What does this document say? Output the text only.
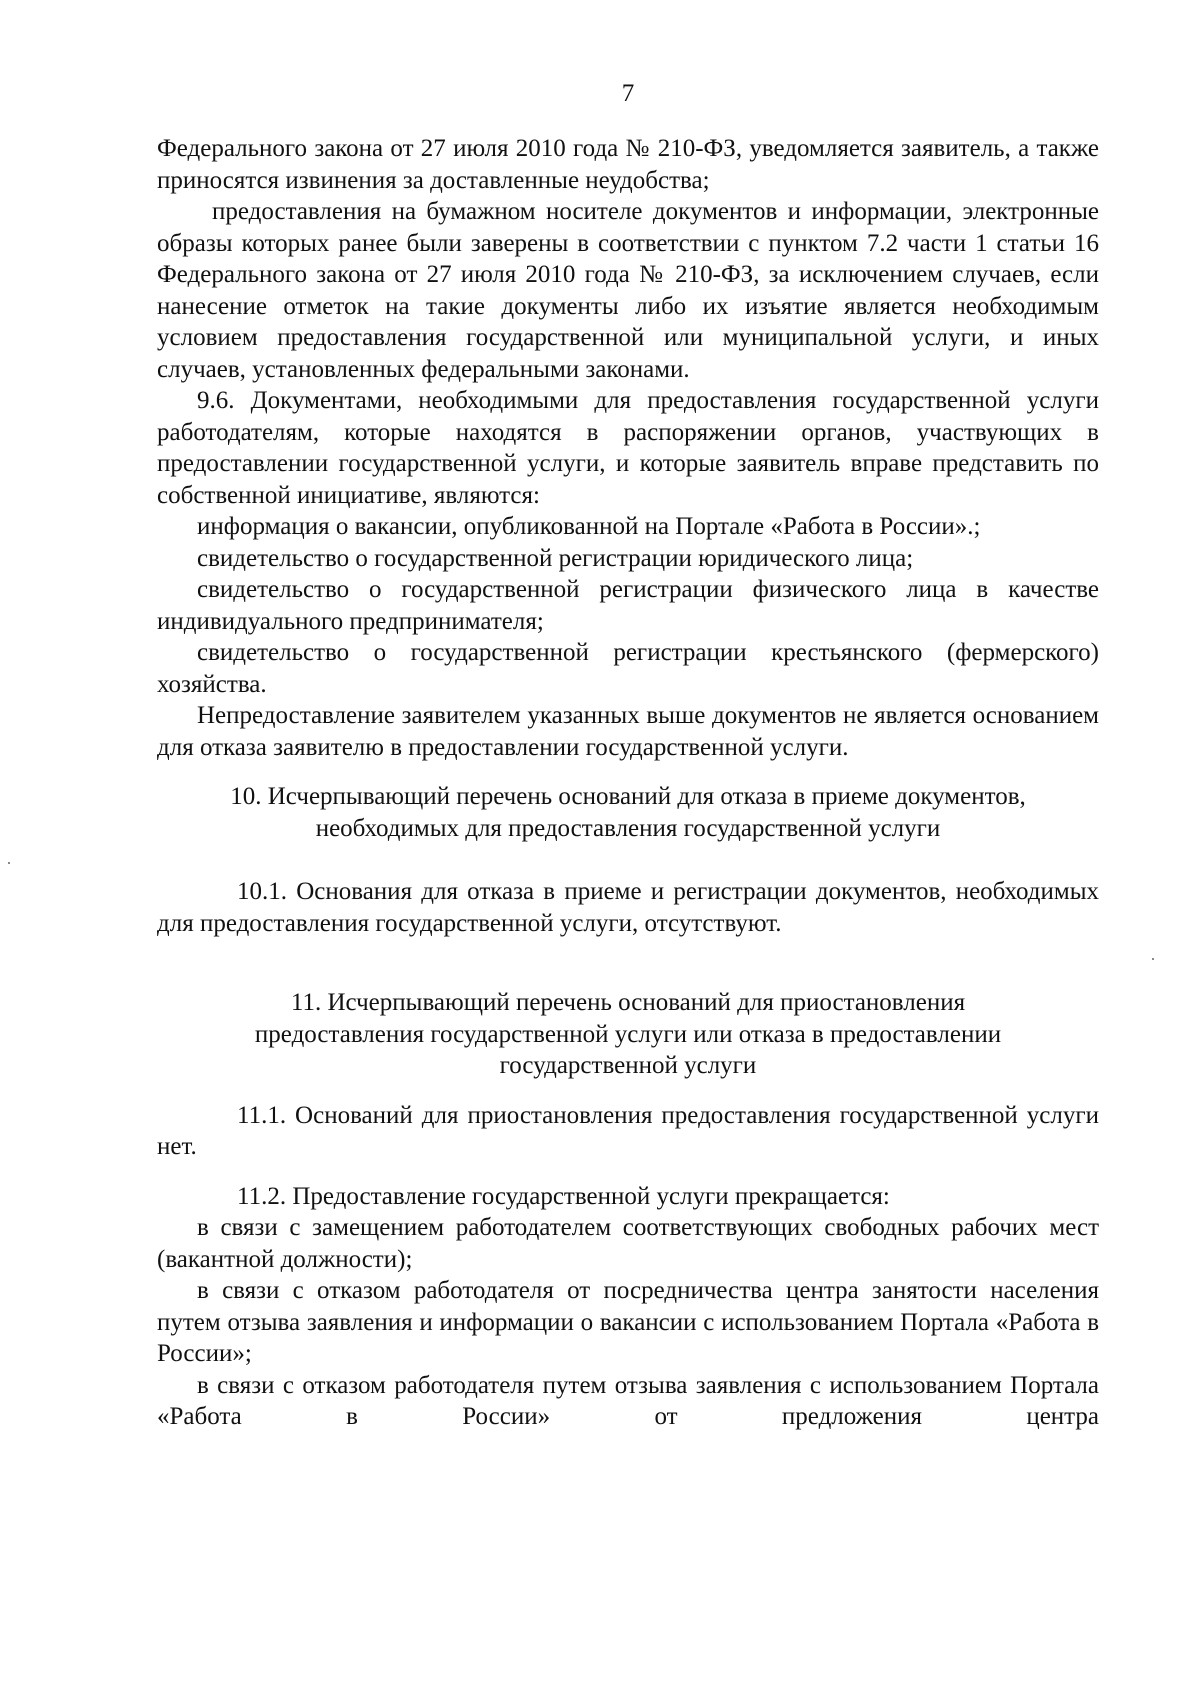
7

Федерального закона от 27 июля 2010 года № 210-ФЗ, уведомляется заявитель, а также приносятся извинения за доставленные неудобства;

предоставления на бумажном носителе документов и информации, электронные образы которых ранее были заверены в соответствии с пунктом 7.2 части 1 статьи 16 Федерального закона от 27 июля 2010 года № 210-ФЗ, за исключением случаев, если нанесение отметок на такие документы либо их изъятие является необходимым условием предоставления государственной или муниципальной услуги, и иных случаев, установленных федеральными законами.

9.6. Документами, необходимыми для предоставления государственной услуги работодателям, которые находятся в распоряжении органов, участвующих в предоставлении государственной услуги, и которые заявитель вправе представить по собственной инициативе, являются:

информация о вакансии, опубликованной на Портале «Работа в России».;

свидетельство о государственной регистрации юридического лица;

свидетельство о государственной регистрации физического лица в качестве индивидуального предпринимателя;

свидетельство о государственной регистрации крестьянского (фермерского) хозяйства.

Непредоставление заявителем указанных выше документов не является основанием для отказа заявителю в предоставлении государственной услуги.

10. Исчерпывающий перечень оснований для отказа в приеме документов,

необходимых для предоставления государственной услуги

10.1. Основания для отказа в приеме и регистрации документов, необходимых для предоставления государственной услуги, отсутствуют.

11. Исчерпывающий перечень оснований для приостановления

предоставления государственной услуги или отказа в предоставлении

государственной услуги

11.1. Оснований для приостановления предоставления государственной услуги нет.

11.2. Предоставление государственной услуги прекращается:

в связи с замещением работодателем соответствующих свободных рабочих мест (вакантной должности);

в связи с отказом работодателя от посредничества центра занятости населения путем отзыва заявления и информации о вакансии с использованием Портала «Работа в России»;

в связи с отказом работодателя путем отзыва заявления с использованием Портала «Работа в России» от предложения центра
